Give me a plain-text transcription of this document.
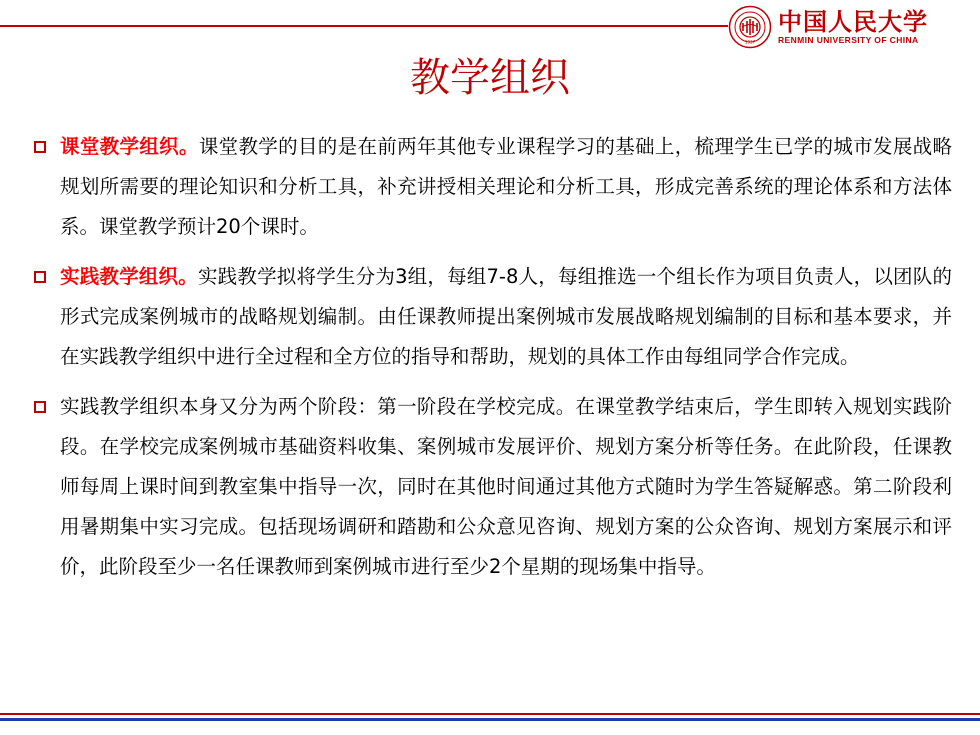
1937
中国人民大学
RENMIN UNIVERSITY OF CHINA
教学组织

课堂教学组织。课堂教学的目的是在前两年其他专业课程学习的基础上，梳理学生已学的城市发展战略规划所需要的理论知识和分析工具，补充讲授相关理论和分析工具，形成完善系统的理论体系和方法体系。课堂教学预计20个课时。

实践教学组织。实践教学拟将学生分为3组，每组7-8人，每组推选一个组长作为项目负责人，以团队的形式完成案例城市的战略规划编制。由任课教师提出案例城市发展战略规划编制的目标和基本要求，并在实践教学组织中进行全过程和全方位的指导和帮助，规划的具体工作由每组同学合作完成。

实践教学组织本身又分为两个阶段：第一阶段在学校完成。在课堂教学结束后，学生即转入规划实践阶段。在学校完成案例城市基础资料收集、案例城市发展评价、规划方案分析等任务。在此阶段，任课教师每周上课时间到教室集中指导一次，同时在其他时间通过其他方式随时为学生答疑解惑。第二阶段利用暑期集中实习完成。包括现场调研和踏勘和公众意见咨询、规划方案的公众咨询、规划方案展示和评价，此阶段至少一名任课教师到案例城市进行至少2个星期的现场集中指导。
